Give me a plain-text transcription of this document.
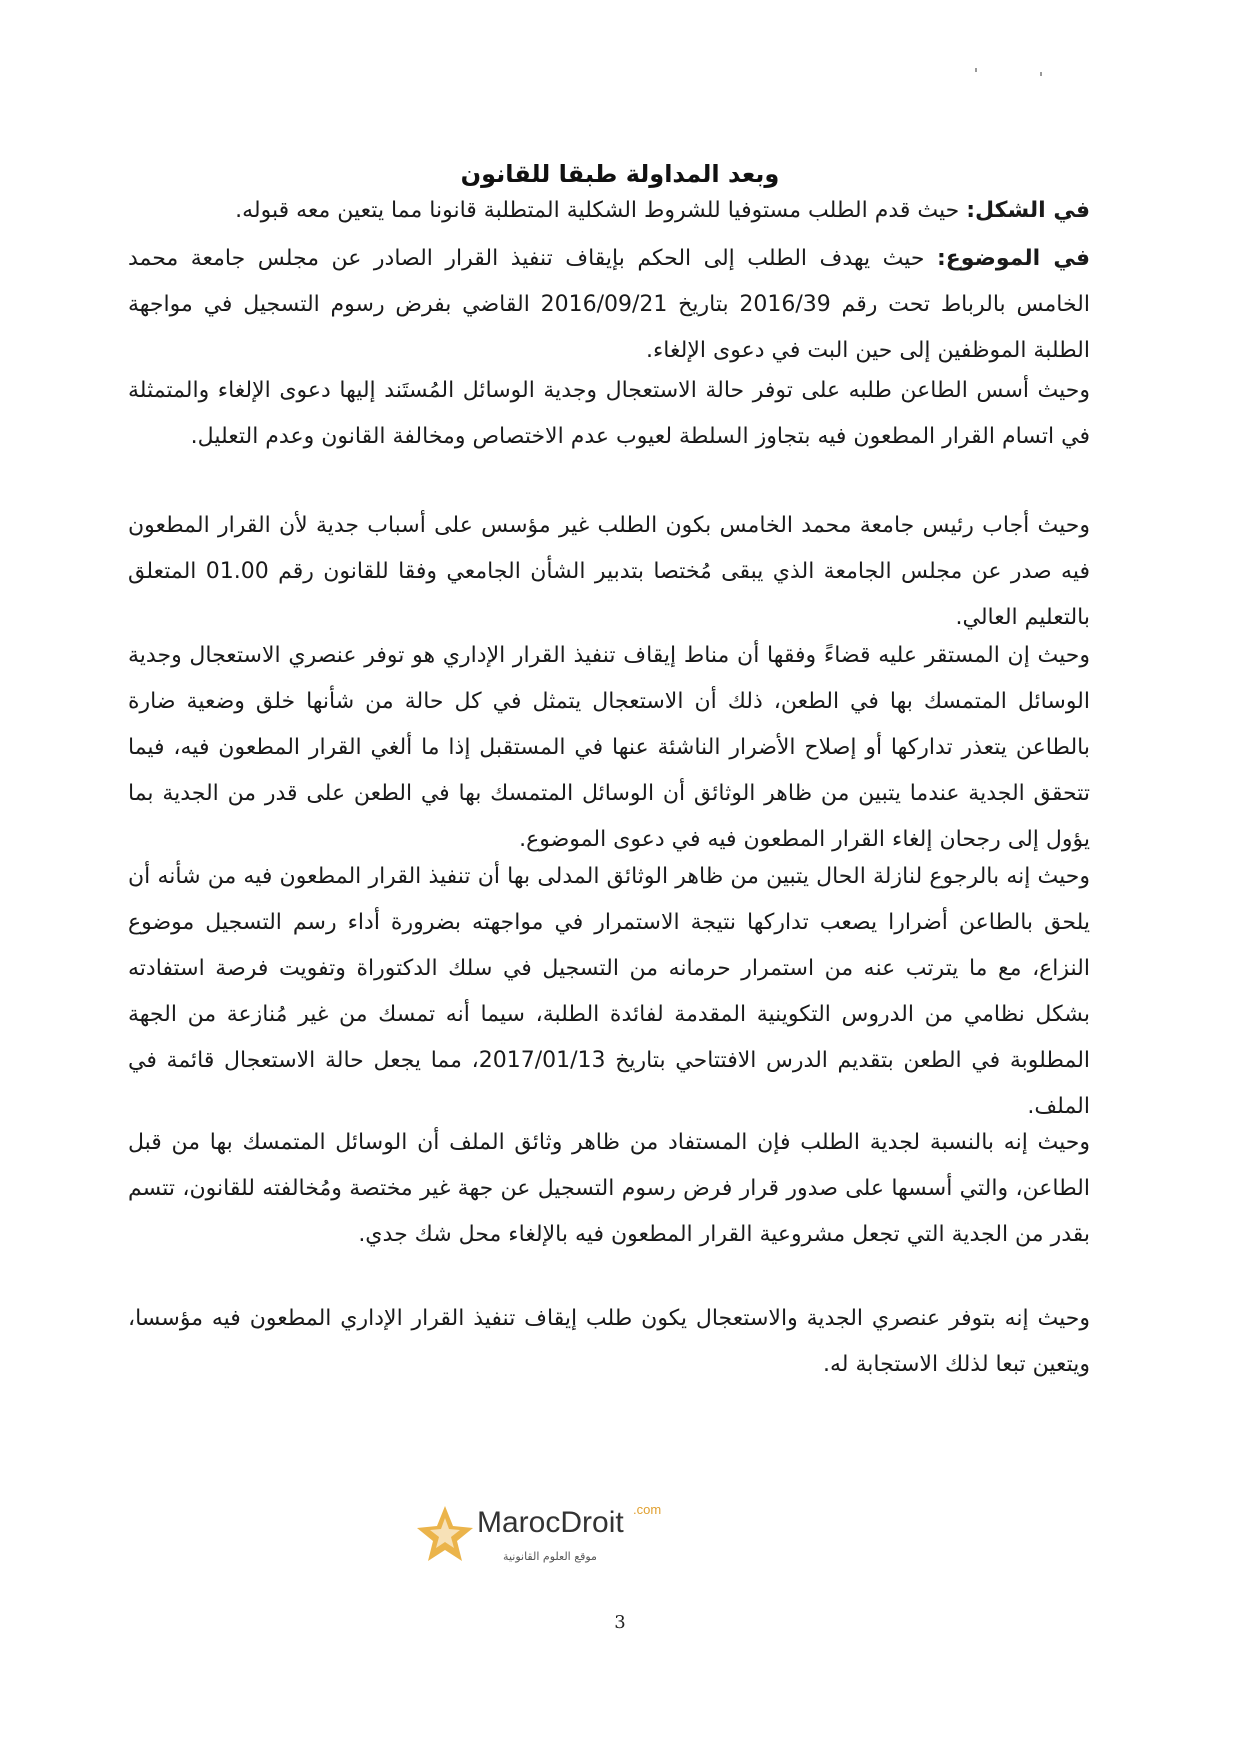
وبعد المداولة طبقا للقانون

في الشكل: حيث قدم الطلب مستوفيا للشروط الشكلية المتطلبة قانونا مما يتعين معه قبوله.

في الموضوع: حيث يهدف الطلب إلى الحكم بإيقاف تنفيذ القرار الصادر عن مجلس جامعة محمد الخامس بالرباط تحت رقم 2016/39 بتاريخ 2016/09/21 القاضي بفرض رسوم التسجيل في مواجهة الطلبة الموظفين إلى حين البت في دعوى الإلغاء.

وحيث أسس الطاعن طلبه على توفر حالة الاستعجال وجدية الوسائل المُستَند إليها دعوى الإلغاء والمتمثلة في اتسام القرار المطعون فيه بتجاوز السلطة لعيوب عدم الاختصاص ومخالفة القانون وعدم التعليل.

وحيث أجاب رئيس جامعة محمد الخامس بكون الطلب غير مؤسس على أسباب جدية لأن القرار المطعون فيه صدر عن مجلس الجامعة الذي يبقى مُختصا بتدبير الشأن الجامعي وفقا للقانون رقم 01.00 المتعلق بالتعليم العالي.

وحيث إن المستقر عليه قضاءً وفقها أن مناط إيقاف تنفيذ القرار الإداري هو توفر عنصري الاستعجال وجدية الوسائل المتمسك بها في الطعن، ذلك أن الاستعجال يتمثل في كل حالة من شأنها خلق وضعية ضارة بالطاعن يتعذر تداركها أو إصلاح الأضرار الناشئة عنها في المستقبل إذا ما ألغي القرار المطعون فيه، فيما تتحقق الجدية عندما يتبين من ظاهر الوثائق أن الوسائل المتمسك بها في الطعن على قدر من الجدية بما يؤول إلى رجحان إلغاء القرار المطعون فيه في دعوى الموضوع.

وحيث إنه بالرجوع لنازلة الحال يتبين من ظاهر الوثائق المدلى بها أن تنفيذ القرار المطعون فيه من شأنه أن يلحق بالطاعن أضرارا يصعب تداركها نتيجة الاستمرار في مواجهته بضرورة أداء رسم التسجيل موضوع النزاع، مع ما يترتب عنه من استمرار حرمانه من التسجيل في سلك الدكتوراة وتفويت فرصة استفادته بشكل نظامي من الدروس التكوينية المقدمة لفائدة الطلبة، سيما أنه تمسك من غير مُنازعة من الجهة المطلوبة في الطعن بتقديم الدرس الافتتاحي بتاريخ 2017/01/13، مما يجعل حالة الاستعجال قائمة في الملف.

وحيث إنه بالنسبة لجدية الطلب فإن المستفاد من ظاهر وثائق الملف أن الوسائل المتمسك بها من قبل الطاعن، والتي أسسها على صدور قرار فرض رسوم التسجيل عن جهة غير مختصة ومُخالفته للقانون، تتسم بقدر من الجدية التي تجعل مشروعية القرار المطعون فيه بالإلغاء محل شك جدي.

وحيث إنه بتوفر عنصري الجدية والاستعجال يكون طلب إيقاف تنفيذ القرار الإداري المطعون فيه مؤسسا، ويتعين تبعا لذلك الاستجابة له.

MarocDroit .com
موقع العلوم القانونية
3
